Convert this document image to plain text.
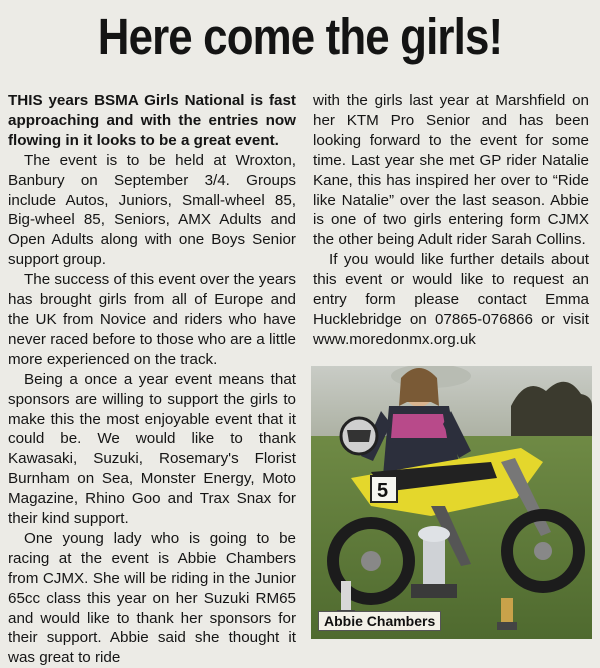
Here come the girls!

THIS years BSMA Girls National is fast approaching and with the entries now flowing in it looks to be a great event.

The event is to be held at Wroxton, Banbury on September 3/4. Groups include Autos, Juniors, Small-wheel 85, Big-wheel 85, Seniors, AMX Adults and Open Adults along with one Boys Senior support group.

The success of this event over the years has brought girls from all of Europe and the UK from Novice and riders who have never raced before to those who are a little more experienced on the track.

Being a once a year event means that sponsors are willing to support the girls to make this the most enjoyable event that it could be. We would like to thank Kawasaki, Suzuki, Rosemary's Florist Burnham on Sea, Monster Energy, Moto Magazine, Rhino Goo and Trax Snax for their kind support.

One young lady who is going to be racing at the event is Abbie Chambers from CJMX. She will be riding in the Junior 65cc class this year on her Suzuki RM65 and would like to thank her sponsors for their support. Abbie said she thought it was great to ride

with the girls last year at Marshfield on her KTM Pro Senior and has been looking forward to the event for some time. Last year she met GP rider Natalie Kane, this has inspired her over to “Ride like Natalie” over the last season. Abbie is one of two girls entering form CJMX the other being Adult rider Sarah Collins.

If you would like further details about this event or would like to request an entry form please contact Emma Hucklebridge on 07865-076866 or visit www.moredonmx.org.uk

5
Abbie Chambers
